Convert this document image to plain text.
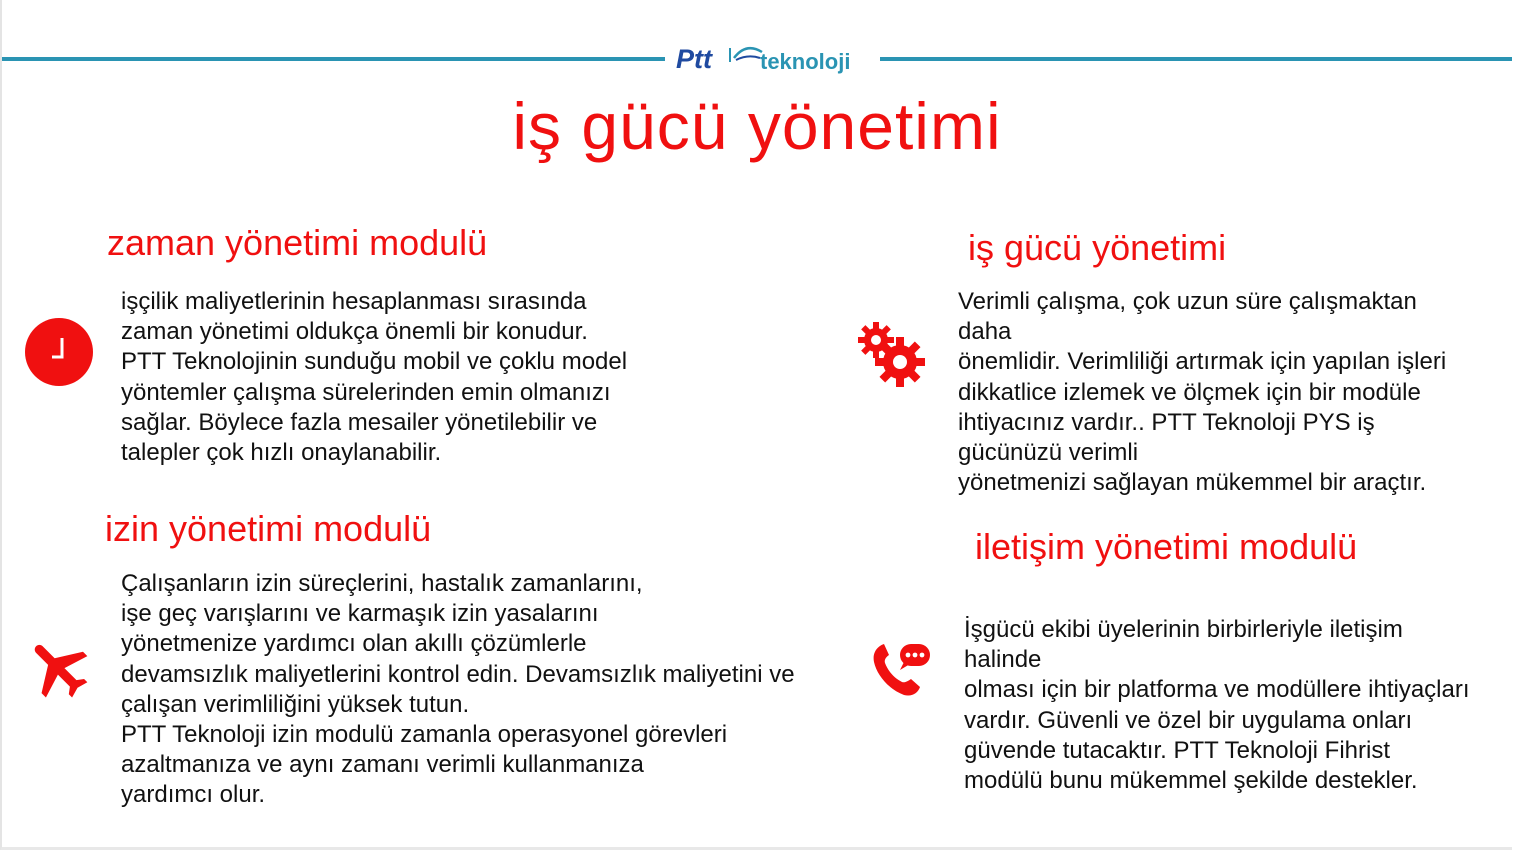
Ptt teknoloji
iş gücü yönetimi
zaman yönetimi modulü

işçilik maliyetlerinin hesaplanması sırasında
zaman yönetimi oldukça önemli bir konudur.
PTT Teknolojinin sunduğu mobil ve çoklu model
yöntemler çalışma sürelerinden emin olmanızı
sağlar. Böylece fazla mesailer yönetilebilir ve
talepler çok hızlı onaylanabilir.

izin yönetimi modulü

Çalışanların izin süreçlerini, hastalık zamanlarını,
işe geç varışlarını ve karmaşık izin yasalarını
yönetmenize yardımcı olan akıllı çözümlerle
devamsızlık maliyetlerini kontrol edin. Devamsızlık maliyetini ve
çalışan verimliliğini yüksek tutun.
PTT Teknoloji izin modulü zamanla operasyonel görevleri
azaltmanıza ve aynı zamanı verimli kullanmanıza
yardımcı olur.

iş gücü yönetimi

Verimli çalışma, çok uzun süre çalışmaktan
daha
önemlidir. Verimliliği artırmak için yapılan işleri
dikkatlice izlemek ve ölçmek için bir modüle
ihtiyacınız vardır.. PTT Teknoloji PYS iş
gücünüzü verimli
yönetmenizi sağlayan mükemmel bir araçtır.

iletişim yönetimi modulü

İşgücü ekibi üyelerinin birbirleriyle iletişim
halinde
olması için bir platforma ve modüllere ihtiyaçları
vardır. Güvenli ve özel bir uygulama onları
güvende tutacaktır. PTT Teknoloji Fihrist
modülü bunu mükemmel şekilde destekler.
